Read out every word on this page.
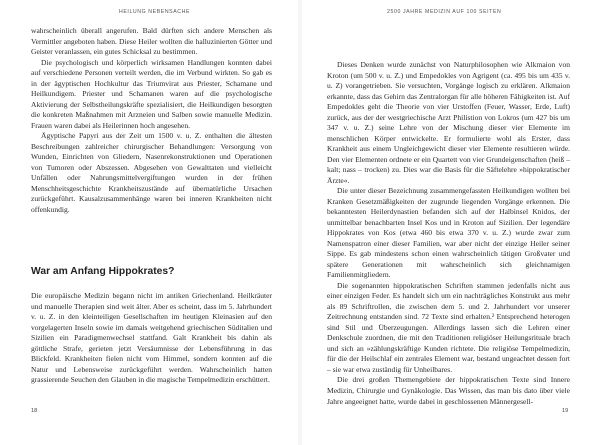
HEILUNG NEBENSACHE

wahrscheinlich überall angerufen. Bald dürften sich andere Menschen als Vermittler angeboten haben. Diese Heiler wollten die halluzinierten Götter und Geister veranlassen, ein gutes Schicksal zu bestimmen.

Die psychologisch und körperlich wirksamen Handlungen konnten dabei auf verschiedene Personen verteilt werden, die im Verbund wirkten. So gab es in der ägyptischen Hochkultur das Triumvirat aus Priester, Schamane und Heilkundigem. Priester und Schamanen waren auf die psychologische Aktivierung der Selbstheilungskräfte spezialisiert, die Heilkundigen besorgten die konkreten Maßnahmen mit Arzneien und Salben sowie manuelle Medizin. Frauen waren dabei als Heilerinnen hoch angesehen.

Ägyptische Papyri aus der Zeit um 1500 v. u. Z. enthalten die ältesten Beschreibungen zahlreicher chirurgischer Behandlungen: Versorgung von Wunden, Einrichten von Gliedern, Nasenrekonstruktionen und Operationen von Tumoren oder Abszessen. Abgesehen von Gewalttaten und vielleicht Unfällen oder Nahrungsmittelvergiftungen wurden in der frühen Menschheitsgeschichte Krankheitszustände auf übernatürliche Ursachen zurückgeführt. Kausalzusammenhänge waren bei inneren Krankheiten nicht offenkundig.

War am Anfang Hippokrates?

Die europäische Medizin begann nicht im antiken Griechenland. Heilkräuter und manuelle Therapien sind weit älter. Aber es scheint, dass im 5. Jahrhundert v. u. Z. in den kleinteiligen Gesellschaften im heutigen Kleinasien auf den vorgelagerten Inseln sowie im damals weitgehend griechischen Süditalien und Sizilien ein Paradigmenwechsel stattfand. Galt Krankheit bis dahin als göttliche Strafe, gerieten jetzt Versäumnisse der Lebensführung in das Blickfeld. Krankheiten fielen nicht vom Himmel, sondern konnten auf die Natur und Lebensweise zurückgeführt werden. Wahrscheinlich hatten grassierende Seuchen den Glauben in die magische Tempelmedizin erschüttert.

18
2500 JAHRE MEDIZIN AUF 100 SEITEN

Dieses Denken wurde zunächst von Naturphilosophen wie Alkmaion von Kroton (um 500 v. u. Z.) und Empedokles von Agrigent (ca. 495 bis um 435 v. u. Z) vorangetrieben. Sie versuchten, Vorgänge logisch zu erklären. Alkmaion erkannte, dass das Gehirn das Zentralorgan für alle höheren Fähigkeiten ist. Auf Empedokles geht die Theorie von vier Urstoffen (Feuer, Wasser, Erde, Luft) zurück, aus der der westgriechische Arzt Philistion von Lokros (um 427 bis um 347 v. u. Z.) seine Lehre von der Mischung dieser vier Elemente im menschlichen Körper entwickelte. Er formulierte wohl als Erster, dass Krankheit aus einem Ungleichgewicht dieser vier Elemente resultieren würde. Den vier Elementen ordnete er ein Quartett von vier Grundeigenschaften (heiß – kalt; nass – trocken) zu. Dies war die Basis für die Säftelehre »hippokratischer Ärzte«.

Die unter dieser Bezeichnung zusammengefassten Heilkundigen wollten bei Kranken Gesetzmäßigkeiten der zugrunde liegenden Vorgänge erkennen. Die bekanntesten Heilerdynastien befanden sich auf der Halbinsel Knidos, der unmittelbar benachbarten Insel Kos und in Kroton auf Sizilien. Der legendäre Hippokrates von Kos (etwa 460 bis etwa 370 v. u. Z.) wurde zwar zum Namenspatron einer dieser Familien, war aber nicht der einzige Heiler seiner Sippe. Es gab mindestens schon einen wahrscheinlich tätigen Großvater und spätere Generationen mit wahrscheinlich sich gleichnamigen Familienmitgliedern.

Die sogenannten hippokratischen Schriften stammen jedenfalls nicht aus einer einzigen Feder. Es handelt sich um ein nachträgliches Konstrukt aus mehr als 89 Schriftrollen, die zwischen dem 5. und 2. Jahrhundert vor unserer Zeitrechnung entstanden sind. 72 Texte sind erhalten.² Entsprechend heterogen sind Stil und Überzeugungen. Allerdings lassen sich die Lehren einer Denkschule zuordnen, die mit den Traditionen religiöser Heilungsrituale brach und sich an »zählungskräftige Kunden richtete. Die religiöse Tempelmedizin, für die der Heilschlaf ein zentrales Element war, bestand ungeachtet dessen fort – sie war etwa zuständig für Unheilbares.

Die drei großen Themengebiete der hippokratischen Texte sind Innere Medizin, Chirurgie und Gynäkologie. Das Wissen, das man bis dato über viele Jahre angeeignet hatte, wurde dabei in geschlossenen Männergesell-

19
